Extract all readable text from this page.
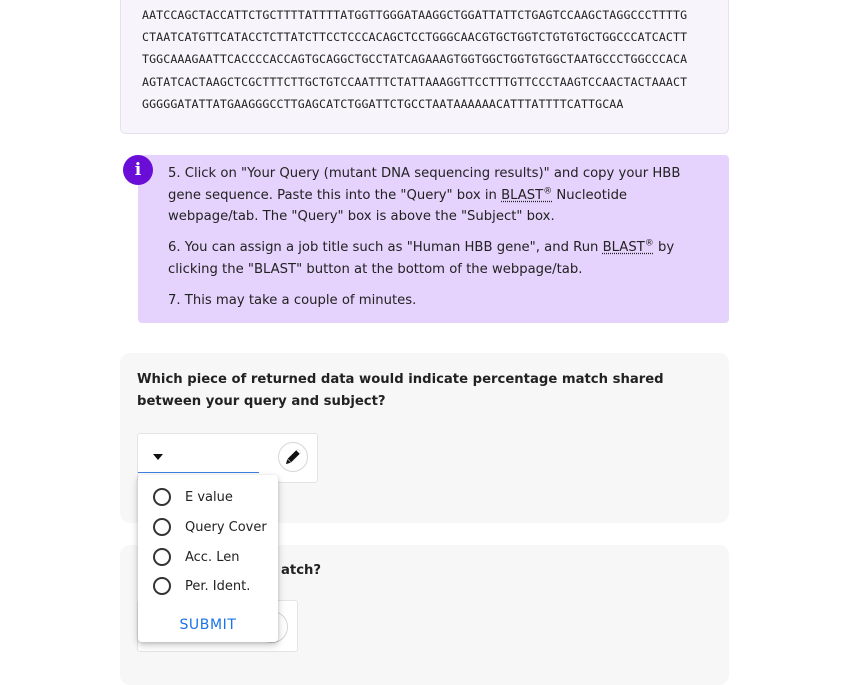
AATCCAGCTACCATTCTGCTTTTATTTTATGGTTGGGATAAGGCTGGATTATTCTGAGTCCAAGCTAGGCCCTTTTG
CTAATCATGTTCATACCTCTTATCTTCCTCCCACAGCTCCTGGGCAACGTGCTGGTCTGTGTGCTGGCCCATCACTT
TGGCAAAGAATTCACCCCACCAGTGCAGGCTGCCTATCAGAAAGTGGTGGCTGGTGTGGCTAATGCCCTGGCCCACA
AGTATCACTAAGCTCGCTTTCTTGCTGTCCAATTTCTATTAAAGGTTCCTTTGTTCCCTAAGTCCAACTACTAAACT
GGGGGATATTATGAAGGGCCTTGAGCATCTGGATTCTGCCTAATAAAAAACATTTATTTTCATTGCAA
i	5. Click on "Your Query (mutant DNA sequencing results)" and copy your HBB gene sequence. Paste this into the "Query" box in BLAST® Nucleotide webpage/tab. The "Query" box is above the "Subject" box.
6. You can assign a job title such as "Human HBB gene", and Run BLAST® by clicking the "BLAST" button at the bottom of the webpage/tab.
7. This may take a couple of minutes.
Which piece of returned data would indicate percentage match shared between your query and subject?
atch?
E value
Query Cover
Acc. Len
Per. Ident.
SUBMIT
